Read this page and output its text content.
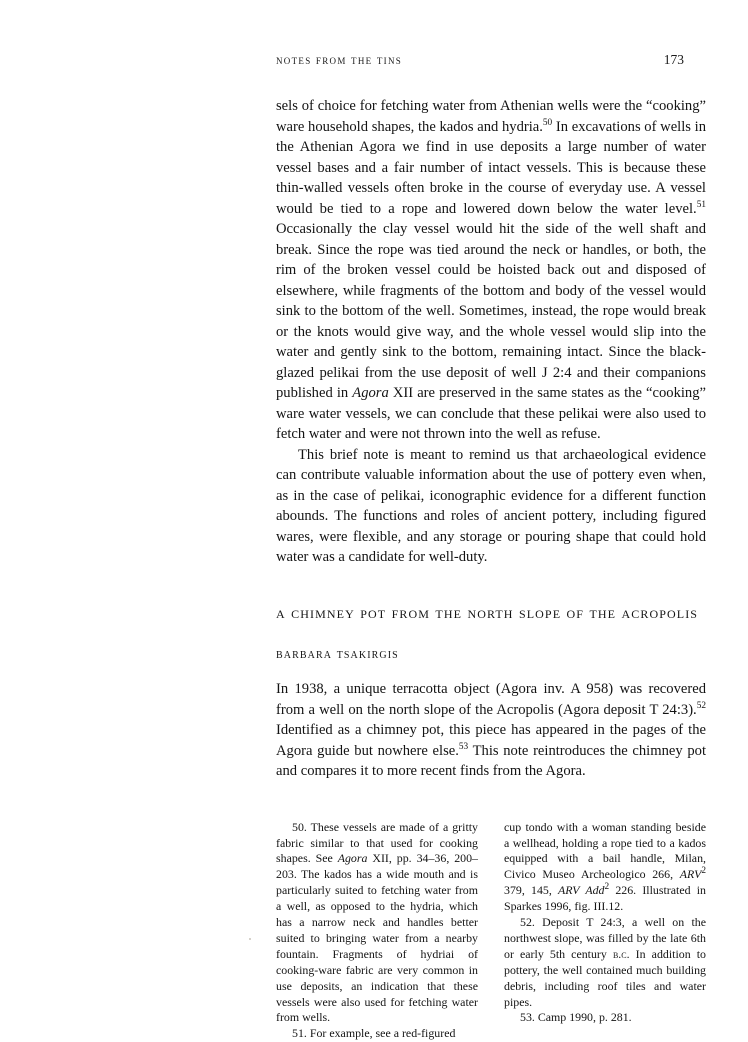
notes from the tins	173

sels of choice for fetching water from Athenian wells were the “cooking” ware household shapes, the kados and hydria.$^{50}$ In excavations of wells in the Athenian Agora we find in use deposits a large number of water vessel bases and a fair number of intact vessels. This is because these thin-walled vessels often broke in the course of everyday use. A vessel would be tied to a rope and lowered down below the water level.$^{51}$ Occasionally the clay vessel would hit the side of the well shaft and break. Since the rope was tied around the neck or handles, or both, the rim of the broken vessel could be hoisted back out and disposed of elsewhere, while fragments of the bottom and body of the vessel would sink to the bottom of the well. Sometimes, instead, the rope would break or the knots would give way, and the whole vessel would slip into the water and gently sink to the bottom, remaining intact. Since the black-glazed pelikai from the use deposit of well J 2:4 and their companions published in Agora XII are preserved in the same states as the “cooking” ware water vessels, we can conclude that these pelikai were also used to fetch water and were not thrown into the well as refuse.

This brief note is meant to remind us that archaeological evidence can contribute valuable information about the use of pottery even when, as in the case of pelikai, iconographic evidence for a different function abounds. The functions and roles of ancient pottery, including figured wares, were flexible, and any storage or pouring shape that could hold water was a candidate for well-duty.

a chimney pot from the north slope of the acropolis
barbara tsakirgis

In 1938, a unique terracotta object (Agora inv. A 958) was recovered from a well on the north slope of the Acropolis (Agora deposit T 24:3).$^{52}$ Identified as a chimney pot, this piece has appeared in the pages of the Agora guide but nowhere else.$^{53}$ This note reintroduces the chimney pot and compares it to more recent finds from the Agora.

50. These vessels are made of a gritty fabric similar to that used for cooking shapes. See Agora XII, pp. 34–36, 200–203. The kados has a wide mouth and is particularly suited to fetching water from a well, as opposed to the hydria, which has a narrow neck and handles better suited to bringing water from a nearby fountain. Fragments of hydriai of cooking-ware fabric are very common in use deposits, an indication that these vessels were also used for fetching water from wells.

51. For example, see a red-figured

cup tondo with a woman standing beside a wellhead, holding a rope tied to a kados equipped with a bail handle, Milan, Civico Museo Archeologico 266, ARV$^2$ 379, 145, ARV Add$^2$ 226. Illustrated in Sparkes 1996, fig. III.12.

52. Deposit T 24:3, a well on the northwest slope, was filled by the late 6th or early 5th century b.c. In addition to pottery, the well contained much building debris, including roof tiles and water pipes.

53. Camp 1990, p. 281.
